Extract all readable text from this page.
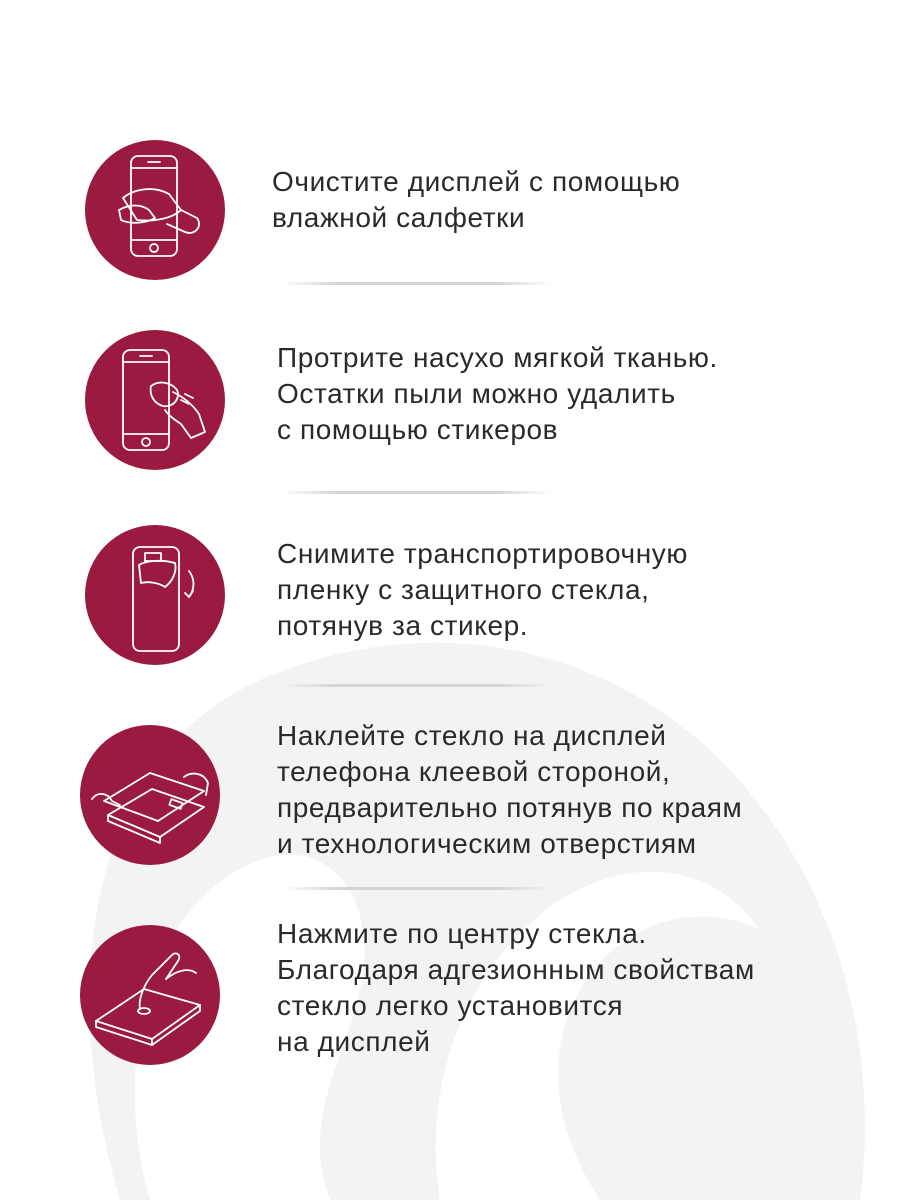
Очистите дисплей с помощью
влажной салфетки

Протрите насухо мягкой тканью.
Остатки пыли можно удалить
с помощью стикеров

Снимите транспортировочную
пленку с защитного стекла,
потянув за стикер.

Наклейте стекло на дисплей
телефона клеевой стороной,
предварительно потянув по краям
и технологическим отверстиям

Нажмите по центру стекла.
Благодаря адгезионным свойствам
стекло легко установится
на дисплей
